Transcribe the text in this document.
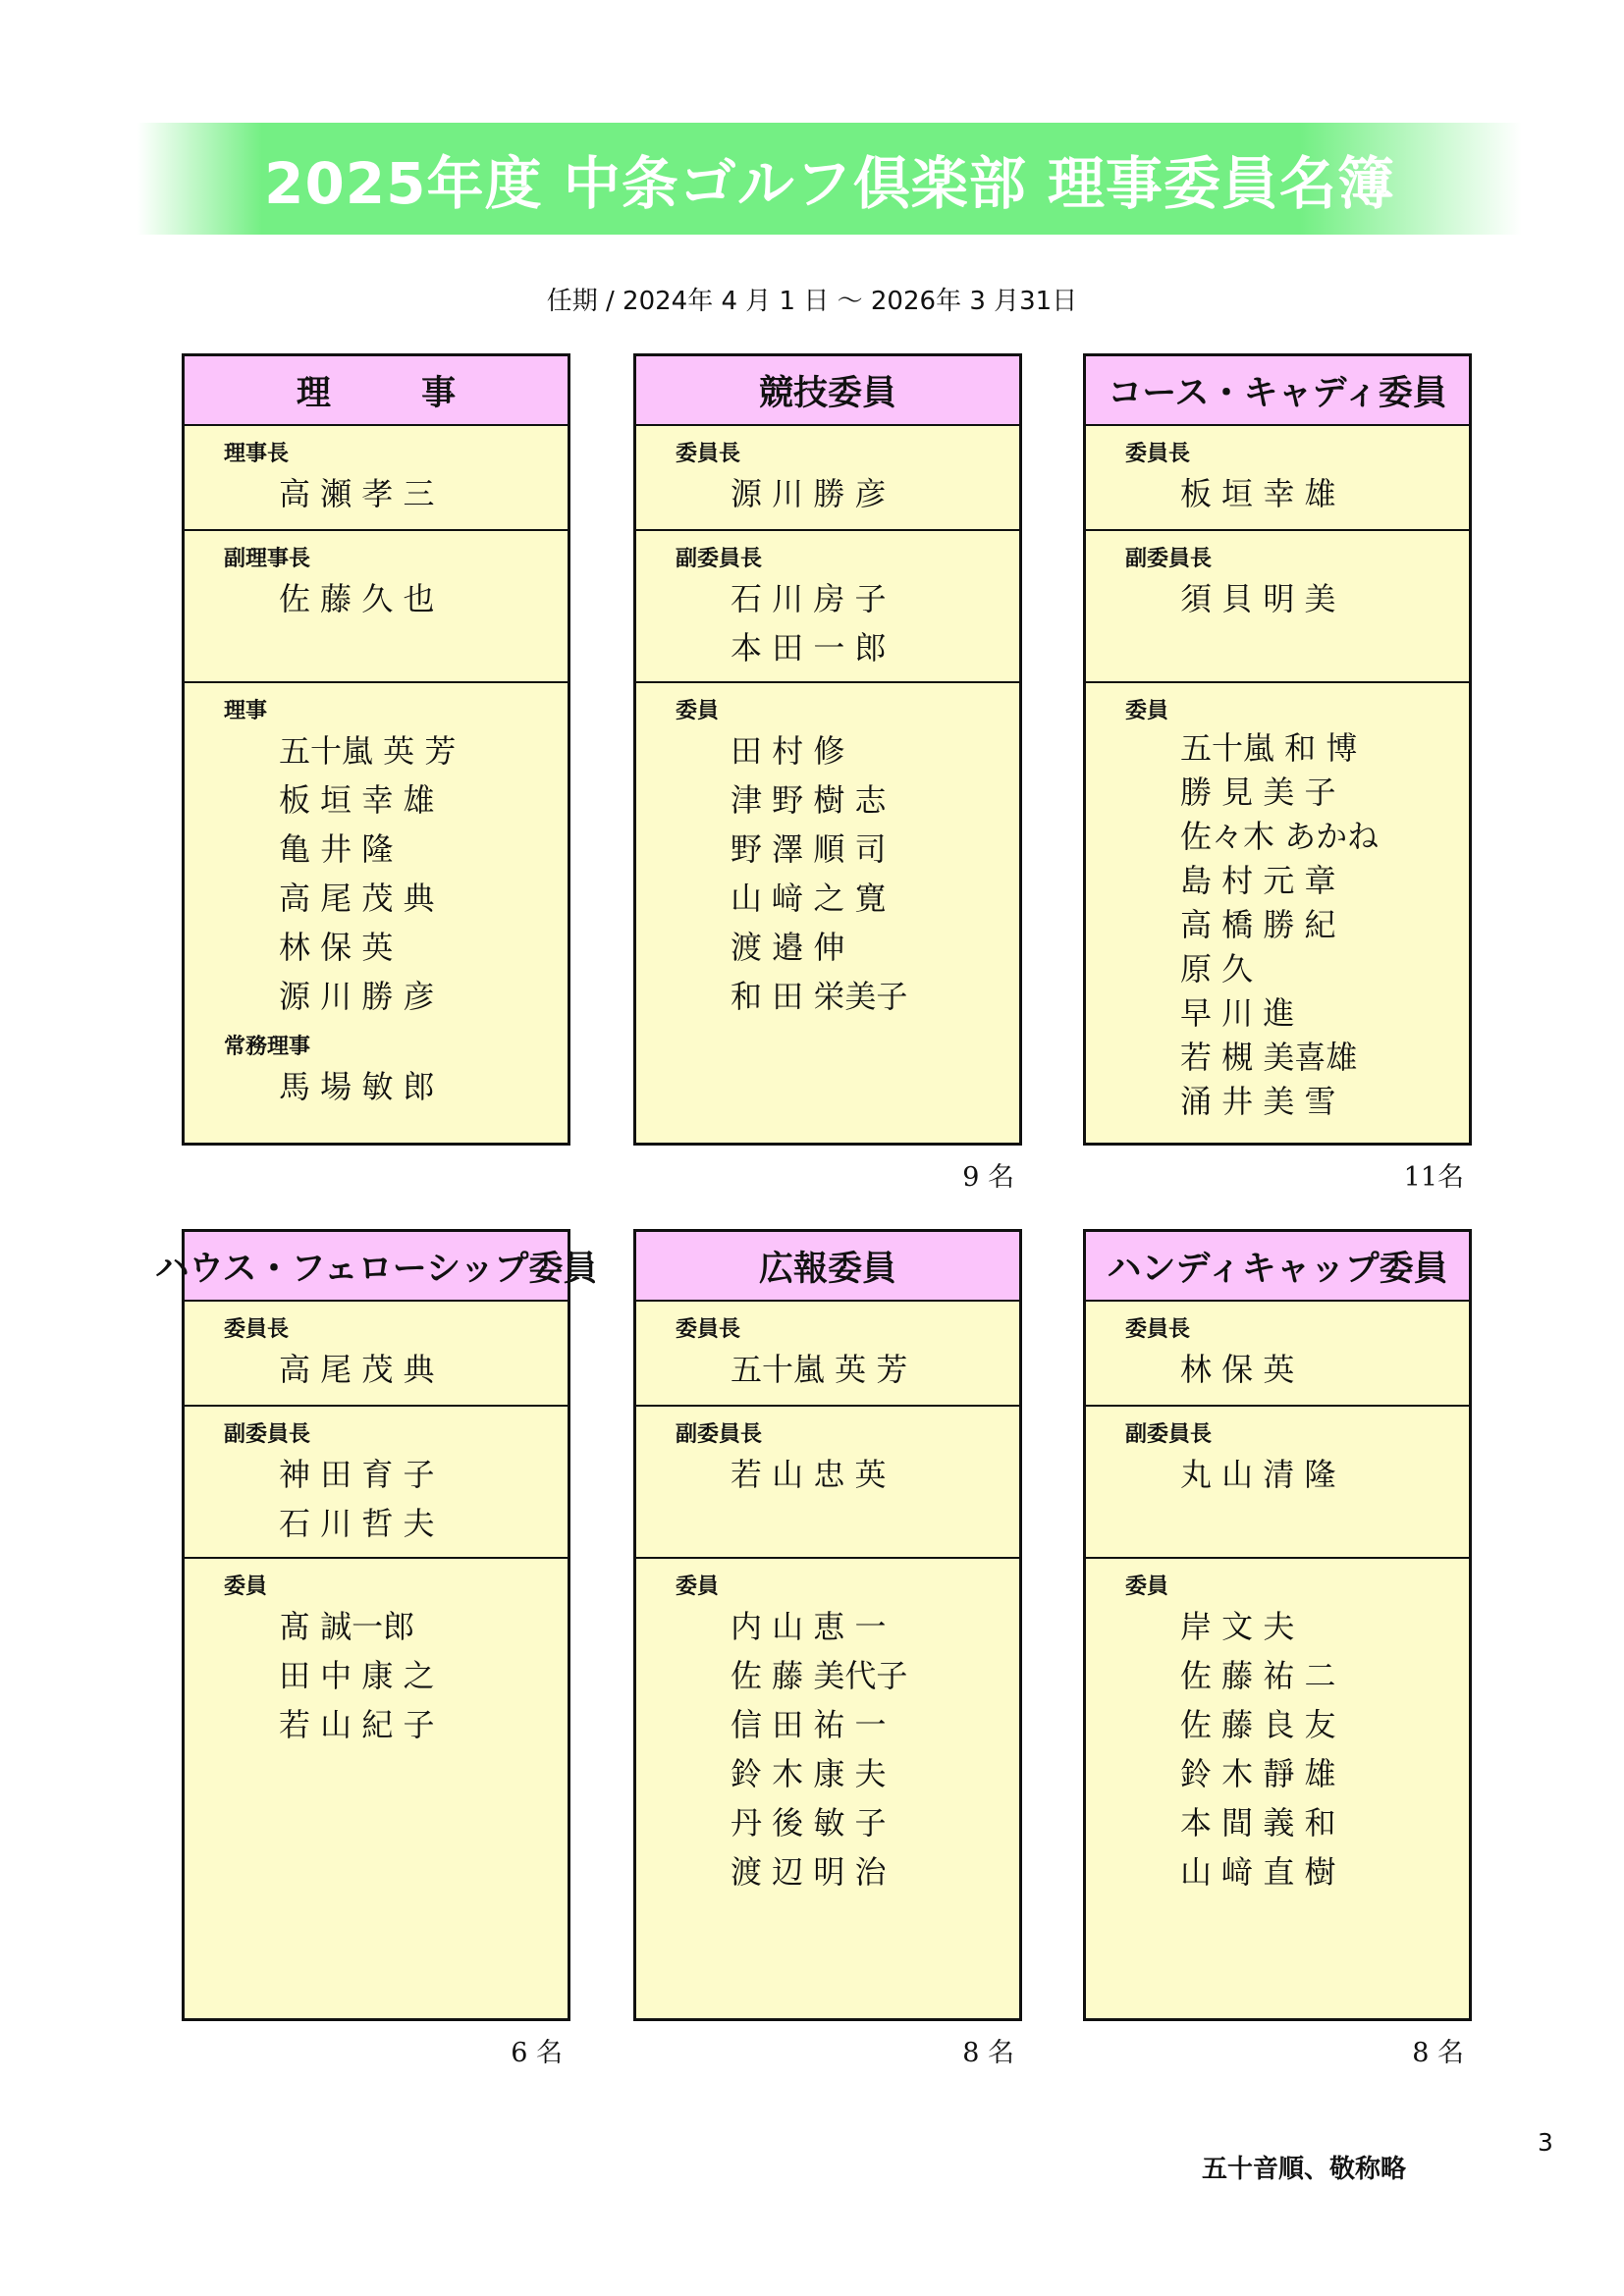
2025年度 中条ゴルフ倶楽部 理事委員名簿
任期 / 2024年 4 月 1 日 〜 2026年 3 月31日
理 事
理事長
高 瀬 孝 三
副理事長
佐 藤 久 也
理事
五十嵐 英 芳
板 垣 幸 雄
亀 井 隆
高 尾 茂 典
林 保 英
源 川 勝 彦
常務理事
馬 場 敏 郎
競技委員
委員長
源 川 勝 彦
副委員長
石 川 房 子
本 田 一 郎
委員
田 村 修
津 野 樹 志
野 澤 順 司
山 﨑 之 寛
渡 邉 伸
和 田 栄美子
9 名
コース・キャディ委員
委員長
板 垣 幸 雄
副委員長
須 貝 明 美
委員
五十嵐 和 博
勝 見 美 子
佐々木 あかね
島 村 元 章
高 橋 勝 紀
原 久
早 川 進
若 槻 美喜雄
涌 井 美 雪
11名
ハウス・フェローシップ委員
委員長
高 尾 茂 典
副委員長
神 田 育 子
石 川 哲 夫
委員
髙 誠一郎
田 中 康 之
若 山 紀 子
6 名
広報委員
委員長
五十嵐 英 芳
副委員長
若 山 忠 英
委員
内 山 恵 一
佐 藤 美代子
信 田 祐 一
鈴 木 康 夫
丹 後 敏 子
渡 辺 明 治
8 名
ハンディキャップ委員
委員長
林 保 英
副委員長
丸 山 清 隆
委員
岸 文 夫
佐 藤 祐 二
佐 藤 良 友
鈴 木 靜 雄
本 間 義 和
山 﨑 直 樹
8 名
五十音順、敬称略
3
